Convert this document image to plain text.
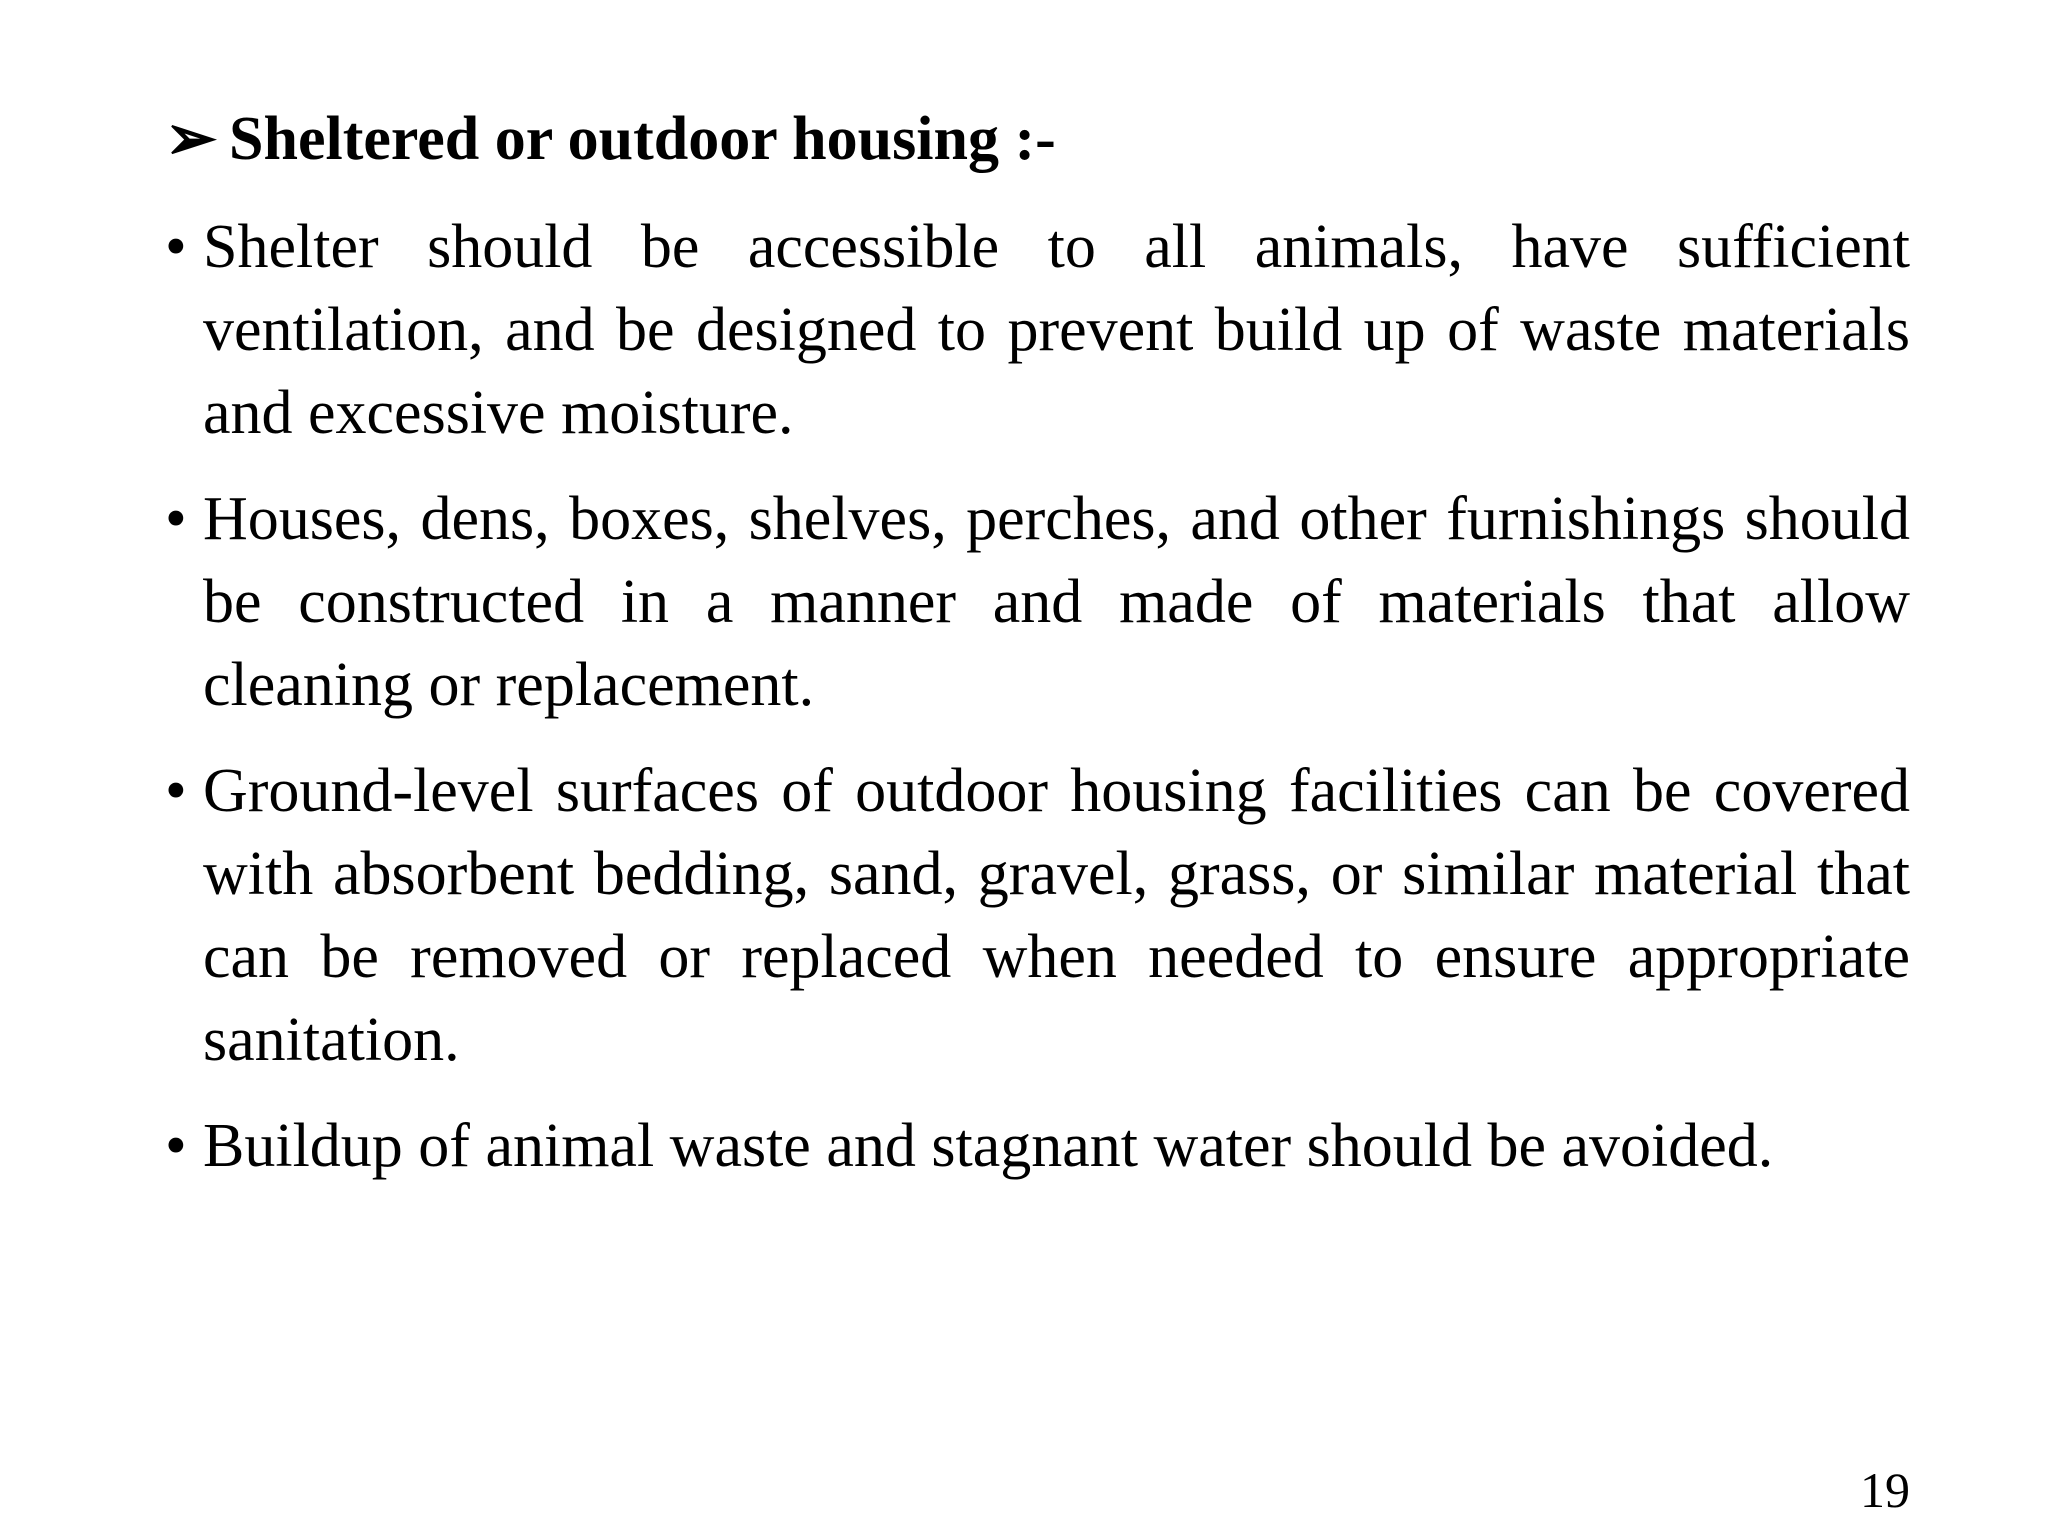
➢ Sheltered or outdoor housing :-
• Shelter should be accessible to all animals, have sufficient ventilation, and be designed to prevent build up of waste materials and excessive moisture.
• Houses, dens, boxes, shelves, perches, and other furnishings should be constructed in a manner and made of materials that allow cleaning or replacement.
• Ground-level surfaces of outdoor housing facilities can be covered with absorbent bedding, sand, gravel, grass, or similar material that can be removed or replaced when needed to ensure appropriate sanitation.
• Buildup of animal waste and stagnant water should be avoided.
19
